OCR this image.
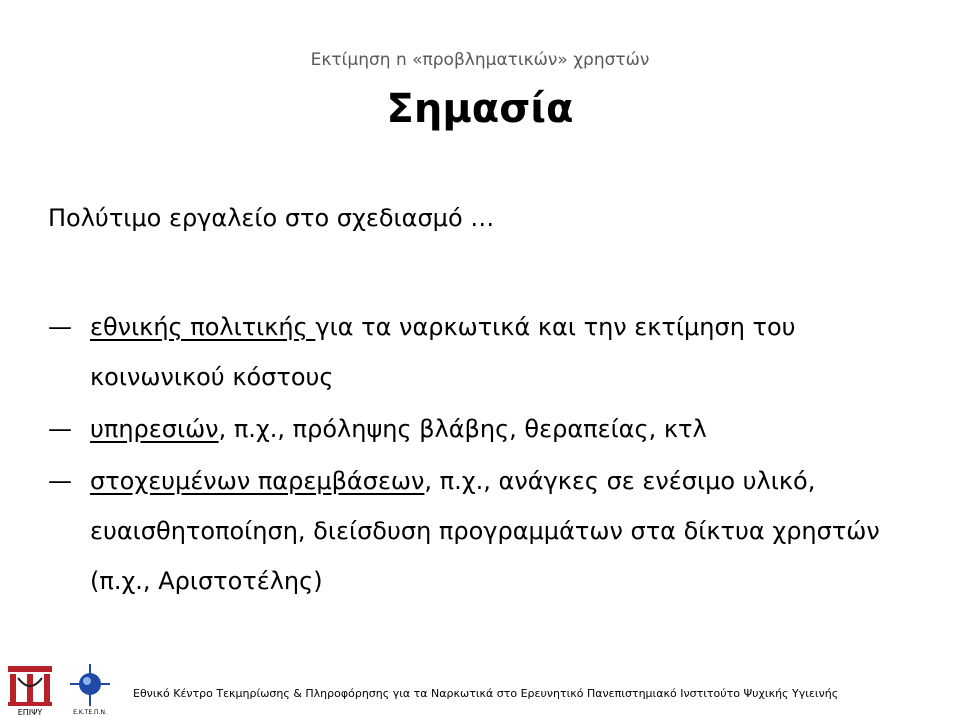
Εκτίμηση n «προβληματικών» χρηστών
Σημασία
Πολύτιμο εργαλείο στο σχεδιασμό …
— εθνικής πολιτικής για τα ναρκωτικά και την εκτίμηση του κοινωνικού κόστους
— υπηρεσιών, π.χ., πρόληψης βλάβης, θεραπείας, κτλ
— στοχευμένων παρεμβάσεων, π.χ., ανάγκες σε ενέσιμο υλικό, ευαισθητοποίηση, διείσδυση προγραμμάτων στα δίκτυα χρηστών (π.χ., Αριστοτέλης)
ΕΠΙΨΥ	Ε.Κ.ΤΕ.Π.Ν.
Εθνικό Κέντρο Τεκμηρίωσης & Πληροφόρησης για τα Ναρκωτικά στο Ερευνητικό Πανεπιστημιακό Ινστιτούτο Ψυχικής Υγιεινής
